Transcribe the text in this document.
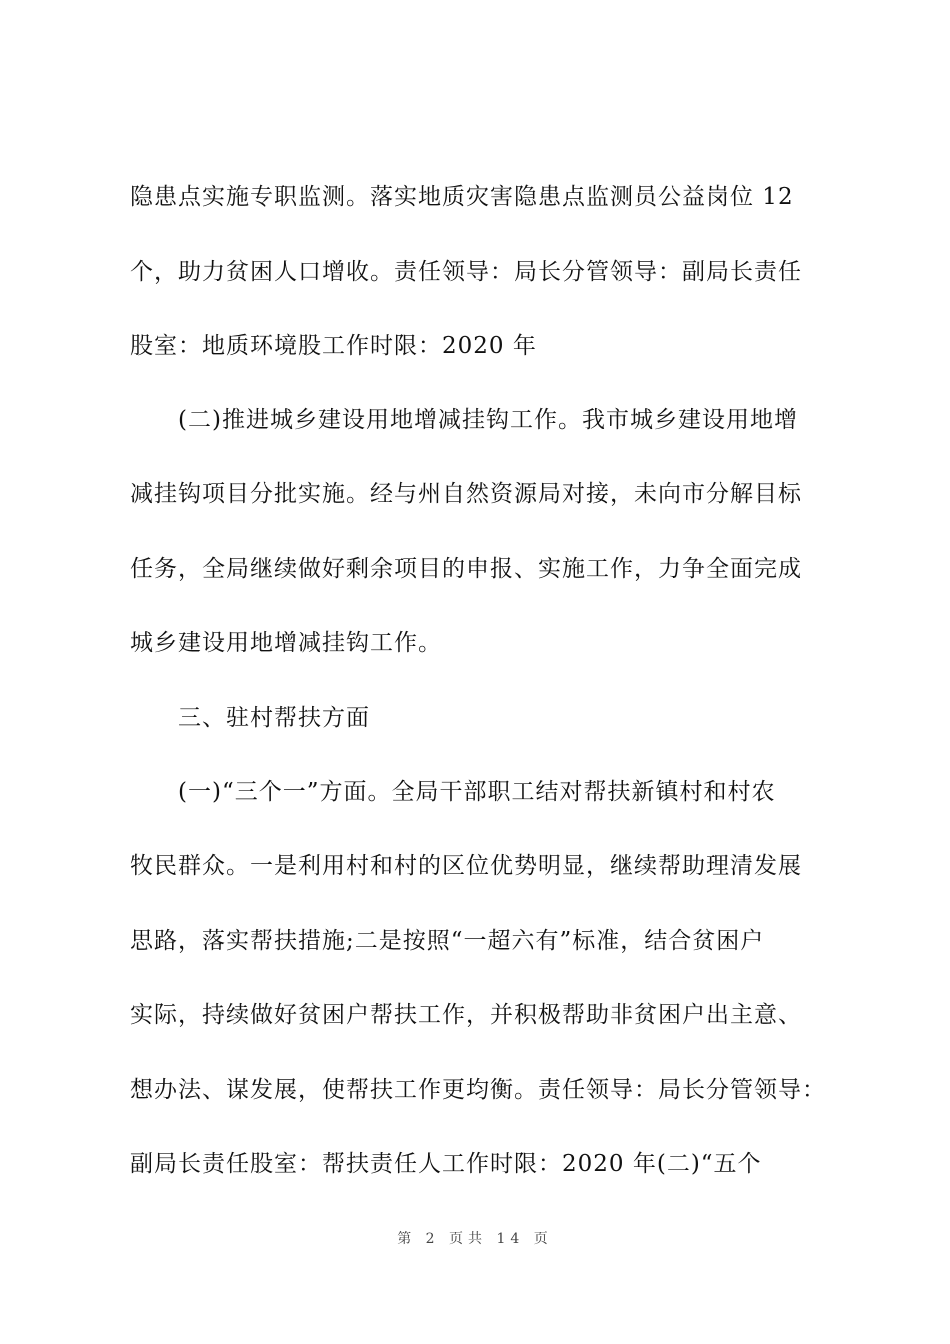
隐患点实施专职监测。落实地质灾害隐患点监测员公益岗位 12
个，助力贫困人口增收。责任领导：局长分管领导：副局长责任
股室：地质环境股工作时限：2020 年
(二)推进城乡建设用地增减挂钩工作。我市城乡建设用地增
减挂钩项目分批实施。经与州自然资源局对接，未向市分解目标
任务，全局继续做好剩余项目的申报、实施工作，力争全面完成
城乡建设用地增减挂钩工作。
三、驻村帮扶方面
(一)“三个一”方面。全局干部职工结对帮扶新镇村和村农
牧民群众。一是利用村和村的区位优势明显，继续帮助理清发展
思路，落实帮扶措施;二是按照“一超六有”标准，结合贫困户
实际，持续做好贫困户帮扶工作，并积极帮助非贫困户出主意、
想办法、谋发展，使帮扶工作更均衡。责任领导：局长分管领导：
副局长责任股室：帮扶责任人工作时限：2020 年(二)“五个
第 2 页共 14 页
